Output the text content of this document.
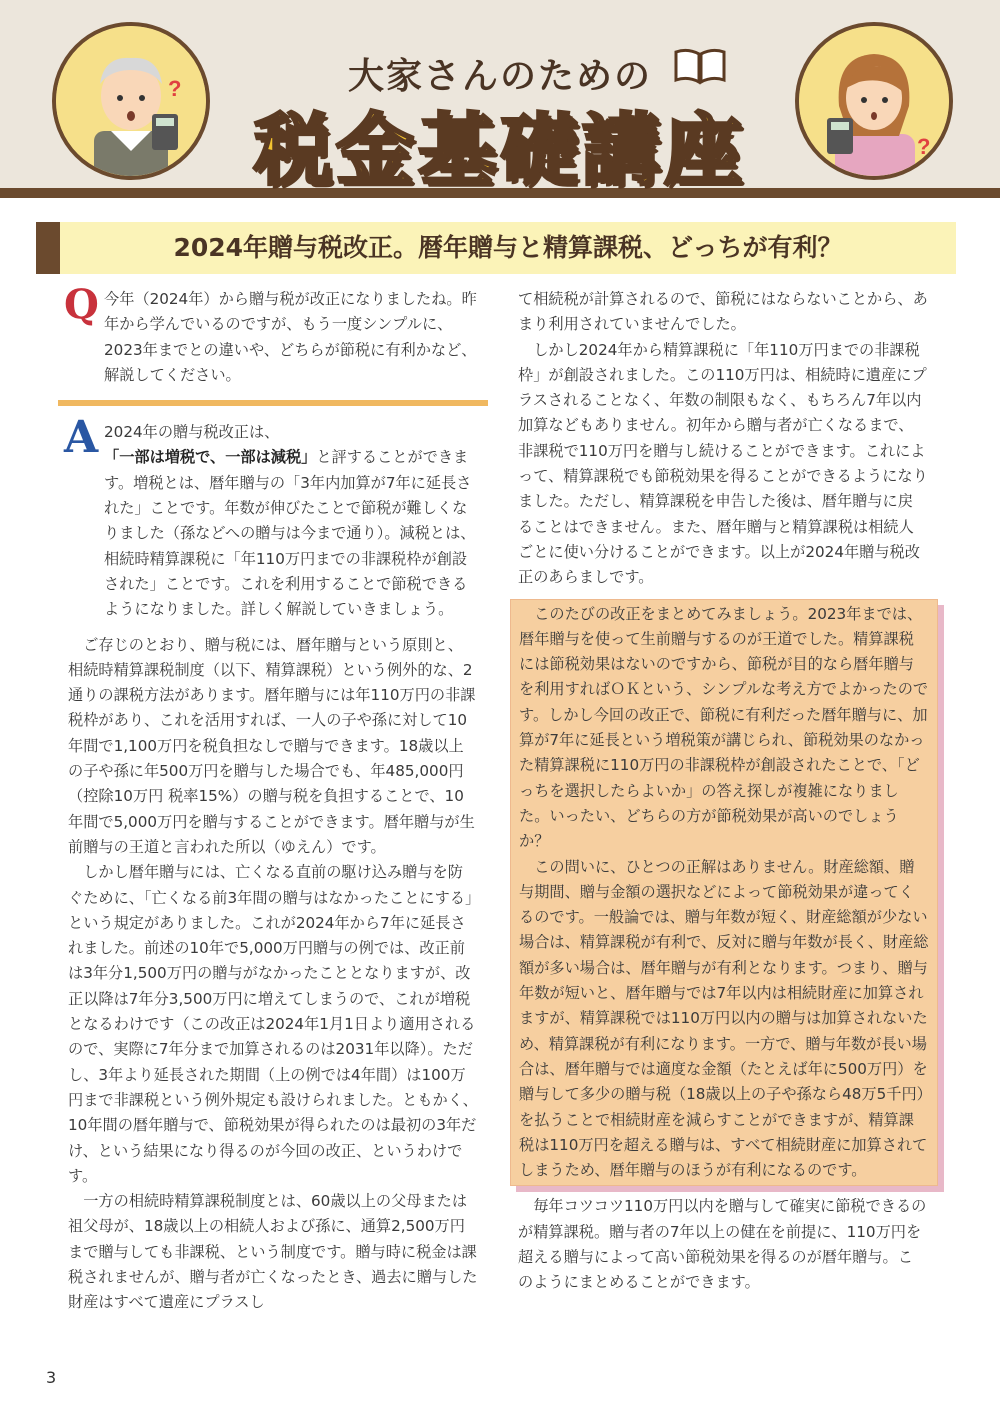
?	大家さんのための
税金基礎講座	?
2024年贈与税改正。暦年贈与と精算課税、どっちが有利？
Q 今年（2024年）から贈与税が改正になりましたね。昨年から学んでいるのですが、もう一度シンプルに、2023年までとの違いや、どちらが節税に有利かなど、解説してください。

A 2024年の贈与税改正は、「一部は増税で、一部は減税」と評することができます。増税とは、暦年贈与の「3年内加算が7年に延長された」ことです。年数が伸びたことで節税が難しくなりました（孫などへの贈与は今まで通り）。減税とは、相続時精算課税に「年110万円までの非課税枠が創設された」ことです。これを利用することで節税できるようになりました。詳しく解説していきましょう。

ご存じのとおり、贈与税には、暦年贈与という原則と、相続時精算課税制度（以下、精算課税）という例外的な、2通りの課税方法があります。暦年贈与には年110万円の非課税枠があり、これを活用すれば、一人の子や孫に対して10年間で1,100万円を税負担なしで贈与できます。18歳以上の子や孫に年500万円を贈与した場合でも、年485,000円（控除10万円 税率15%）の贈与税を負担することで、10年間で5,000万円を贈与することができます。暦年贈与が生前贈与の王道と言われた所以（ゆえん）です。

しかし暦年贈与には、亡くなる直前の駆け込み贈与を防ぐために、「亡くなる前3年間の贈与はなかったことにする」という規定がありました。これが2024年から7年に延長されました。前述の10年で5,000万円贈与の例では、改正前は3年分1,500万円の贈与がなかったこととなりますが、改正以降は7年分3,500万円に増えてしまうので、これが増税となるわけです（この改正は2024年1月1日より適用されるので、実際に7年分まで加算されるのは2031年以降）。ただし、3年より延長された期間（上の例では4年間）は100万円まで非課税という例外規定も設けられました。ともかく、10年間の暦年贈与で、節税効果が得られたのは最初の3年だけ、という結果になり得るのが今回の改正、というわけです。

一方の相続時精算課税制度とは、60歳以上の父母または祖父母が、18歳以上の相続人および孫に、通算2,500万円まで贈与しても非課税、という制度です。贈与時に税金は課税されませんが、贈与者が亡くなったとき、過去に贈与した財産はすべて遺産にプラスし

て相続税が計算されるので、節税にはならないことから、あまり利用されていませんでした。

しかし2024年から精算課税に「年110万円までの非課税枠」が創設されました。この110万円は、相続時に遺産にプラスされることなく、年数の制限もなく、もちろん7年以内加算などもありません。初年から贈与者が亡くなるまで、非課税で110万円を贈与し続けることができます。これによって、精算課税でも節税効果を得ることができるようになりました。ただし、精算課税を申告した後は、暦年贈与に戻ることはできません。また、暦年贈与と精算課税は相続人ごとに使い分けることができます。以上が2024年贈与税改正のあらましです。

このたびの改正をまとめてみましょう。2023年までは、暦年贈与を使って生前贈与するのが王道でした。精算課税には節税効果はないのですから、節税が目的なら暦年贈与を利用すればＯＫという、シンプルな考え方でよかったのです。しかし今回の改正で、節税に有利だった暦年贈与に、加算が7年に延長という増税策が講じられ、節税効果のなかった精算課税に110万円の非課税枠が創設されたことで、「どっちを選択したらよいか」の答え探しが複雑になりました。いったい、どちらの方が節税効果が高いのでしょうか？

この問いに、ひとつの正解はありません。財産総額、贈与期間、贈与金額の選択などによって節税効果が違ってくるのです。一般論では、贈与年数が短く、財産総額が少ない場合は、精算課税が有利で、反対に贈与年数が長く、財産総額が多い場合は、暦年贈与が有利となります。つまり、贈与年数が短いと、暦年贈与では7年以内は相続財産に加算されますが、精算課税では110万円以内の贈与は加算されないため、精算課税が有利になります。一方で、贈与年数が長い場合は、暦年贈与では適度な金額（たとえば年に500万円）を贈与して多少の贈与税（18歳以上の子や孫なら48万5千円）を払うことで相続財産を減らすことができますが、精算課税は110万円を超える贈与は、すべて相続財産に加算されてしまうため、暦年贈与のほうが有利になるのです。

毎年コツコツ110万円以内を贈与して確実に節税できるのが精算課税。贈与者の7年以上の健在を前提に、110万円を超える贈与によって高い節税効果を得るのが暦年贈与。このようにまとめることができます。

3
